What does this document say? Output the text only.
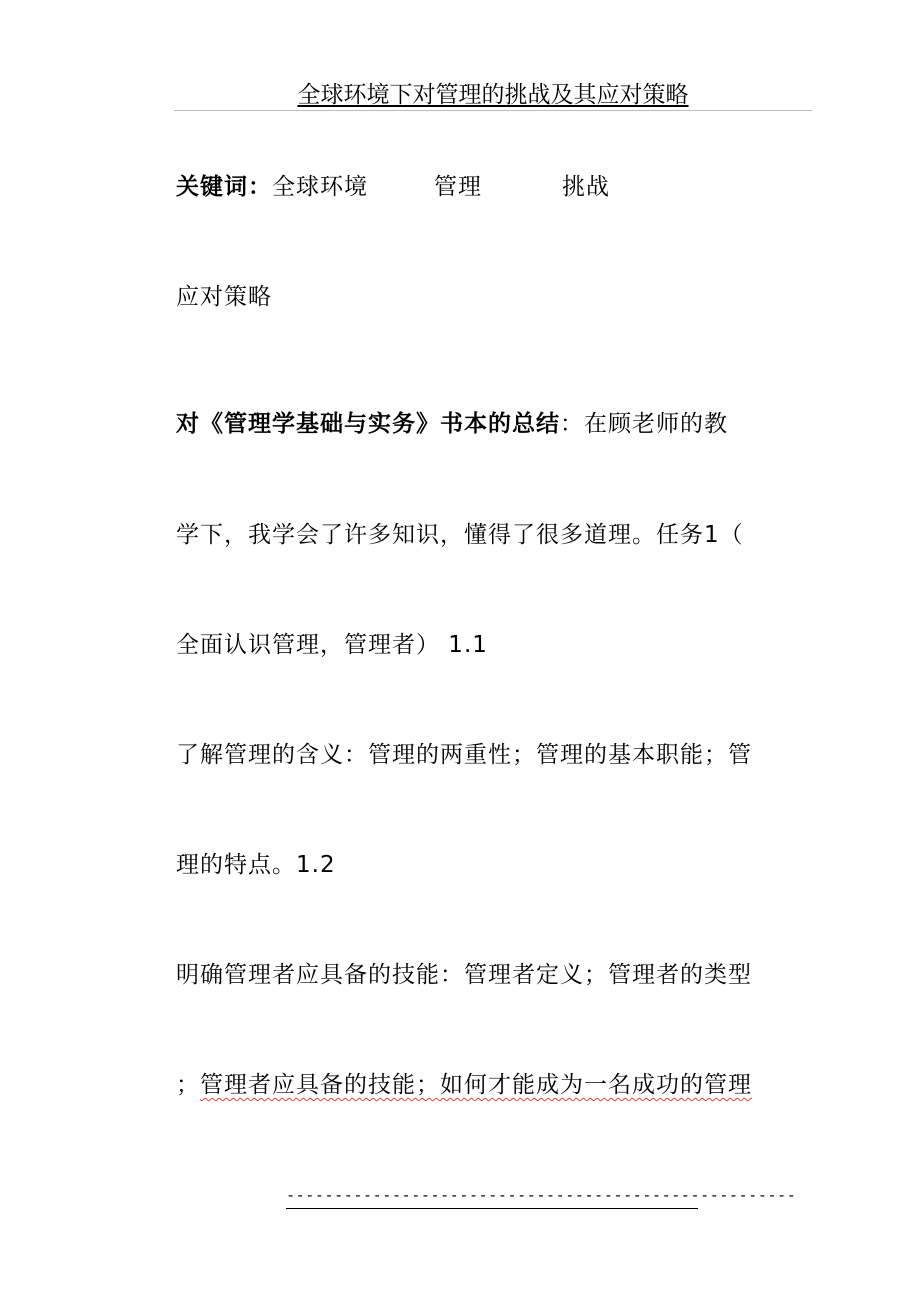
全球环境下对管理的挑战及其应对策略
关键词：全球环境	管理	挑战
应对策略
对《管理学基础与实务》书本的总结：在顾老师的教
学下，我学会了许多知识，懂得了很多道理。任务1（
全面认识管理，管理者） 1.1
了解管理的含义：管理的两重性；管理的基本职能；管
理的特点。1.2
明确管理者应具备的技能：管理者定义；管理者的类型
；管理者应具备的技能；如何才能成为一名成功的管理
-----------------------------------------------------
